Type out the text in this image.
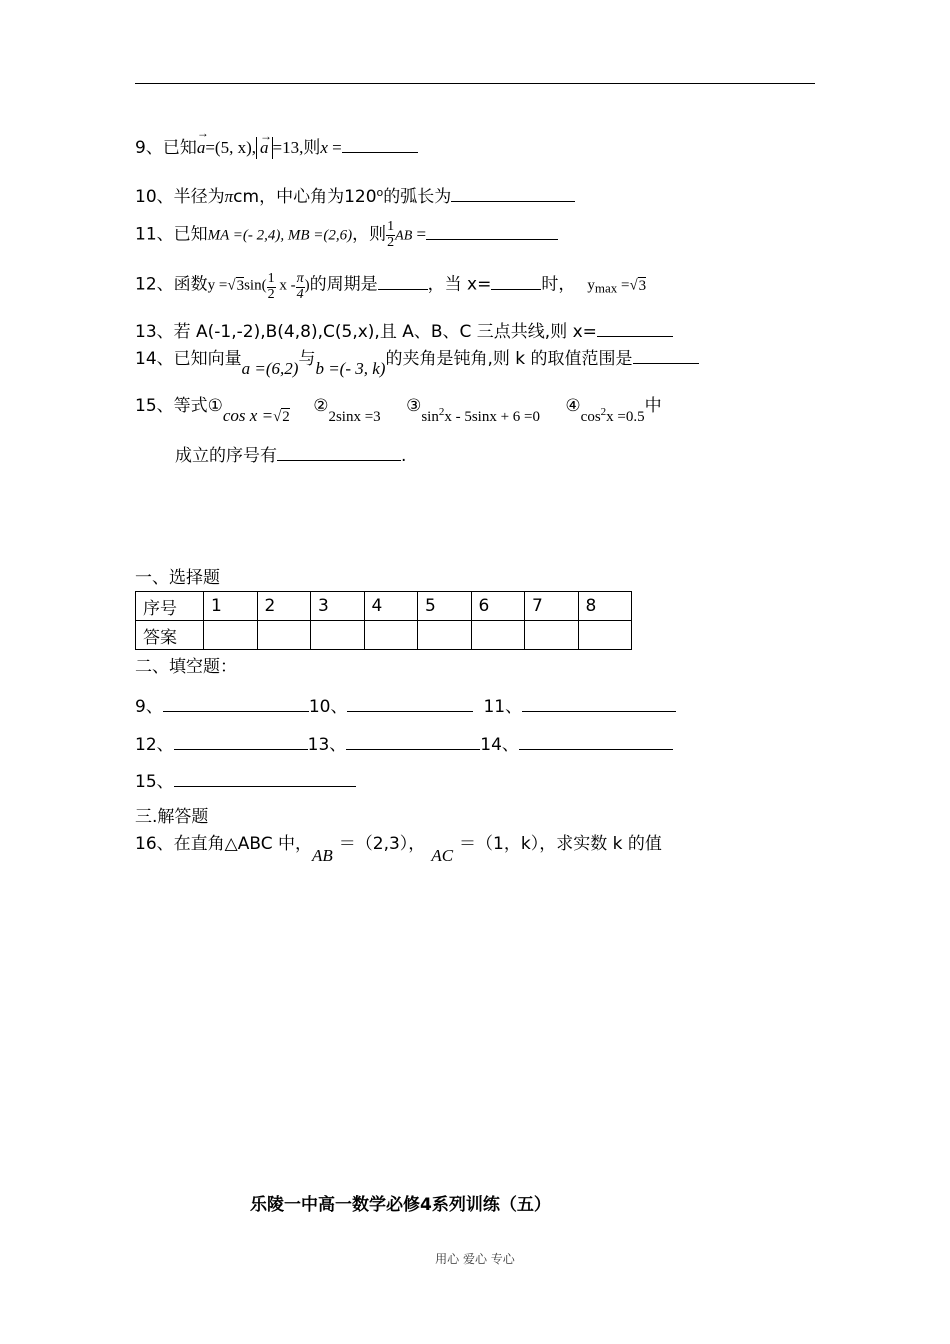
9、已知→ a=(5, x), → a =13,则x =
10、半径为πcm，中心角为120$^o$的弧长为
11、已知MA =(- 2,4), MB =(2,6)，则 $\frac{1}{2}$ AB =
12、函数$y =√3\sin( \frac{1}{2}$ x - $\frac{\pi}{4}$ )的周期是	，当 x=	时， ymax =√3
13、若 A(-1,-2),B(4,8),C(5,x),且 A、B、C 三点共线,则 x=
14、已知向量a =(6,2)与b =(- 3, k)的夹角是钝角,则 k 的取值范围是
15、等式①cos x =√2 ②2sinx =3 $③\sin^2x - 5\sin x + 6 =0$ $④\cos^2x =0.5$中
成立的序号有	.
一、选择题
序号	1	2	3	4	5	6	7	8
答案								
二、填空题：
9、	10、	11、
12、	13、	14、
15、
三.解答题
16、在直角△ABC 中，AB＝（2,3），AC＝（1，k），求实数 k 的值
乐陵一中高一数学必修4系列训练（五）
用心 爱心 专心
